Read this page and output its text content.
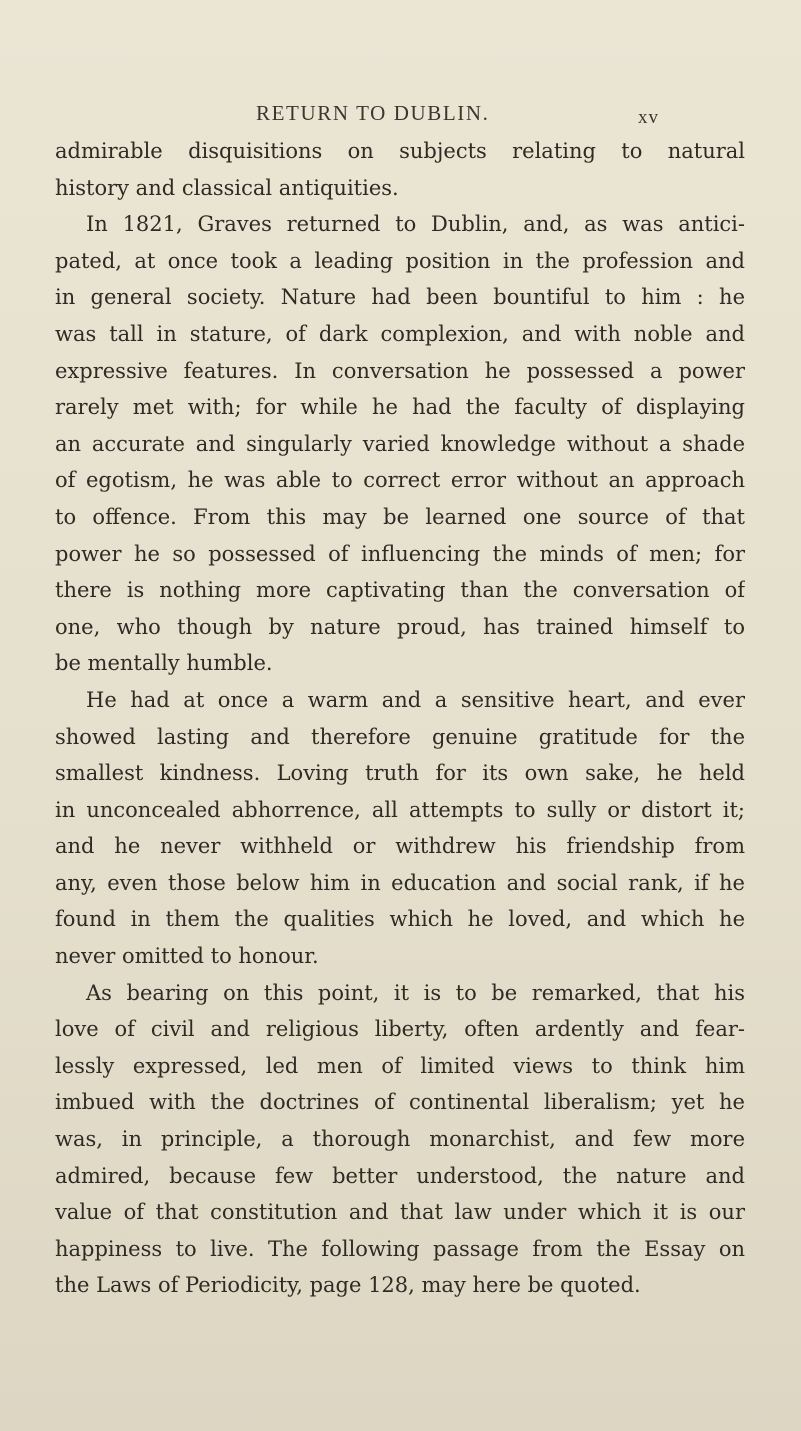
RETURN TO DUBLIN.	xv
admirable disquisitions on subjects relating to natural
history and classical antiquities.
In 1821, Graves returned to Dublin, and, as was antici-
pated, at once took a leading position in the profession and
in general society. Nature had been bountiful to him : he
was tall in stature, of dark complexion, and with noble and
expressive features. In conversation he possessed a power
rarely met with; for while he had the faculty of displaying
an accurate and singularly varied knowledge without a shade
of egotism, he was able to correct error without an approach
to offence. From this may be learned one source of that
power he so possessed of influencing the minds of men; for
there is nothing more captivating than the conversation of
one, who though by nature proud, has trained himself to
be mentally humble.
He had at once a warm and a sensitive heart, and ever
showed lasting and therefore genuine gratitude for the
smallest kindness. Loving truth for its own sake, he held
in unconcealed abhorrence, all attempts to sully or distort it;
and he never withheld or withdrew his friendship from
any, even those below him in education and social rank, if he
found in them the qualities which he loved, and which he
never omitted to honour.
As bearing on this point, it is to be remarked, that his
love of civil and religious liberty, often ardently and fear-
lessly expressed, led men of limited views to think him
imbued with the doctrines of continental liberalism; yet he
was, in principle, a thorough monarchist, and few more
admired, because few better understood, the nature and
value of that constitution and that law under which it is our
happiness to live. The following passage from the Essay on
the Laws of Periodicity, page 128, may here be quoted.
